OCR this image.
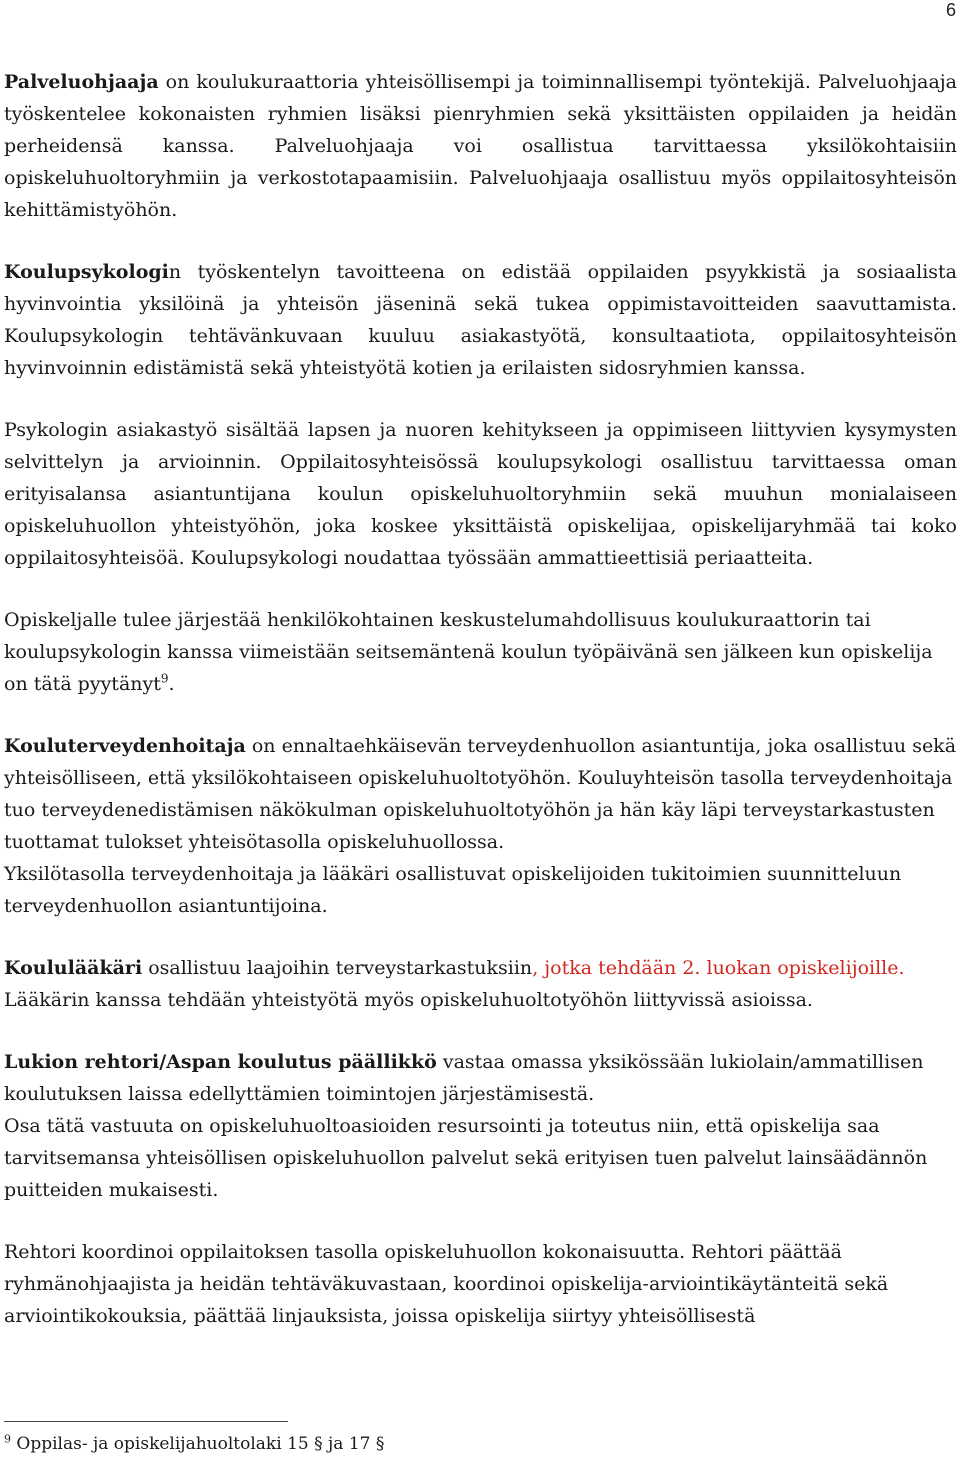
6

Palveluohjaaja on koulukuraattoria yhteisöllisempi ja toiminnallisempi työntekijä. Palveluohjaaja työskentelee kokonaisten ryhmien lisäksi pienryhmien sekä yksittäisten oppilaiden ja heidän perheidensä kanssa. Palveluohjaaja voi osallistua tarvittaessa yksilökohtaisiin opiskeluhuoltoryhmiin ja verkostotapaamisiin. Palveluohjaaja osallistuu myös oppilaitosyhteisön kehittämistyöhön.

Koulupsykologin työskentelyn tavoitteena on edistää oppilaiden psyykkistä ja sosiaalista hyvinvointia yksilöinä ja yhteisön jäseninä sekä tukea oppimistavoitteiden saavuttamista. Koulupsykologin tehtävänkuvaan kuuluu asiakastyötä, konsultaatiota, oppilaitosyhteisön hyvinvoinnin edistämistä sekä yhteistyötä kotien ja erilaisten sidosryhmien kanssa.

Psykologin asiakastyö sisältää lapsen ja nuoren kehitykseen ja oppimiseen liittyvien kysymysten selvittelyn ja arvioinnin. Oppilaitosyhteisössä koulupsykologi osallistuu tarvittaessa oman erityisalansa asiantuntijana koulun opiskeluhuoltoryhmiin sekä muuhun monialaiseen opiskeluhuollon yhteistyöhön, joka koskee yksittäistä opiskelijaa, opiskelijaryhmää tai koko oppilaitosyhteisöä. Koulupsykologi noudattaa työssään ammattieettisiä periaatteita.

Opiskeljalle tulee järjestää henkilökohtainen keskustelumahdollisuus koulukuraattorin tai koulupsykologin kanssa viimeistään seitsemäntenä koulun työpäivänä sen jälkeen kun opiskelija on tätä pyytänyt$^9$.

Kouluterveydenhoitaja on ennaltaehkäisevän terveydenhuollon asiantuntija, joka osallistuu sekä yhteisölliseen, että yksilökohtaiseen opiskeluhuoltotyöhön. Kouluyhteisön tasolla terveydenhoitaja tuo terveydenedistämisen näkökulman opiskeluhuoltotyöhön ja hän käy läpi terveystarkastusten tuottamat tulokset yhteisötasolla opiskeluhuollossa.

Yksilötasolla terveydenhoitaja ja lääkäri osallistuvat opiskelijoiden tukitoimien suunnitteluun terveydenhuollon asiantuntijoina.

Koululääkäri osallistuu laajoihin terveystarkastuksiin, jotka tehdään 2. luokan opiskelijoille.
Lääkärin kanssa tehdään yhteistyötä myös opiskeluhuoltotyöhön liittyvissä asioissa.

Lukion rehtori/Aspan koulutus päällikkö vastaa omassa yksikössään lukiolain/ammatillisen koulutuksen laissa edellyttämien toimintojen järjestämisestä.

Osa tätä vastuuta on opiskeluhuoltoasioiden resursointi ja toteutus niin, että opiskelija saa tarvitsemansa yhteisöllisen opiskeluhuollon palvelut sekä erityisen tuen palvelut lainsäädännön puitteiden mukaisesti.

Rehtori koordinoi oppilaitoksen tasolla opiskeluhuollon kokonaisuutta. Rehtori päättää ryhmänohjaajista ja heidän tehtäväkuvastaan, koordinoi opiskelija-arviointikäytänteitä sekä arviointikokouksia, päättää linjauksista, joissa opiskelija siirtyy yhteisöllisestä

$^9$ Oppilas- ja opiskelijahuoltolaki 15 § ja 17 §
